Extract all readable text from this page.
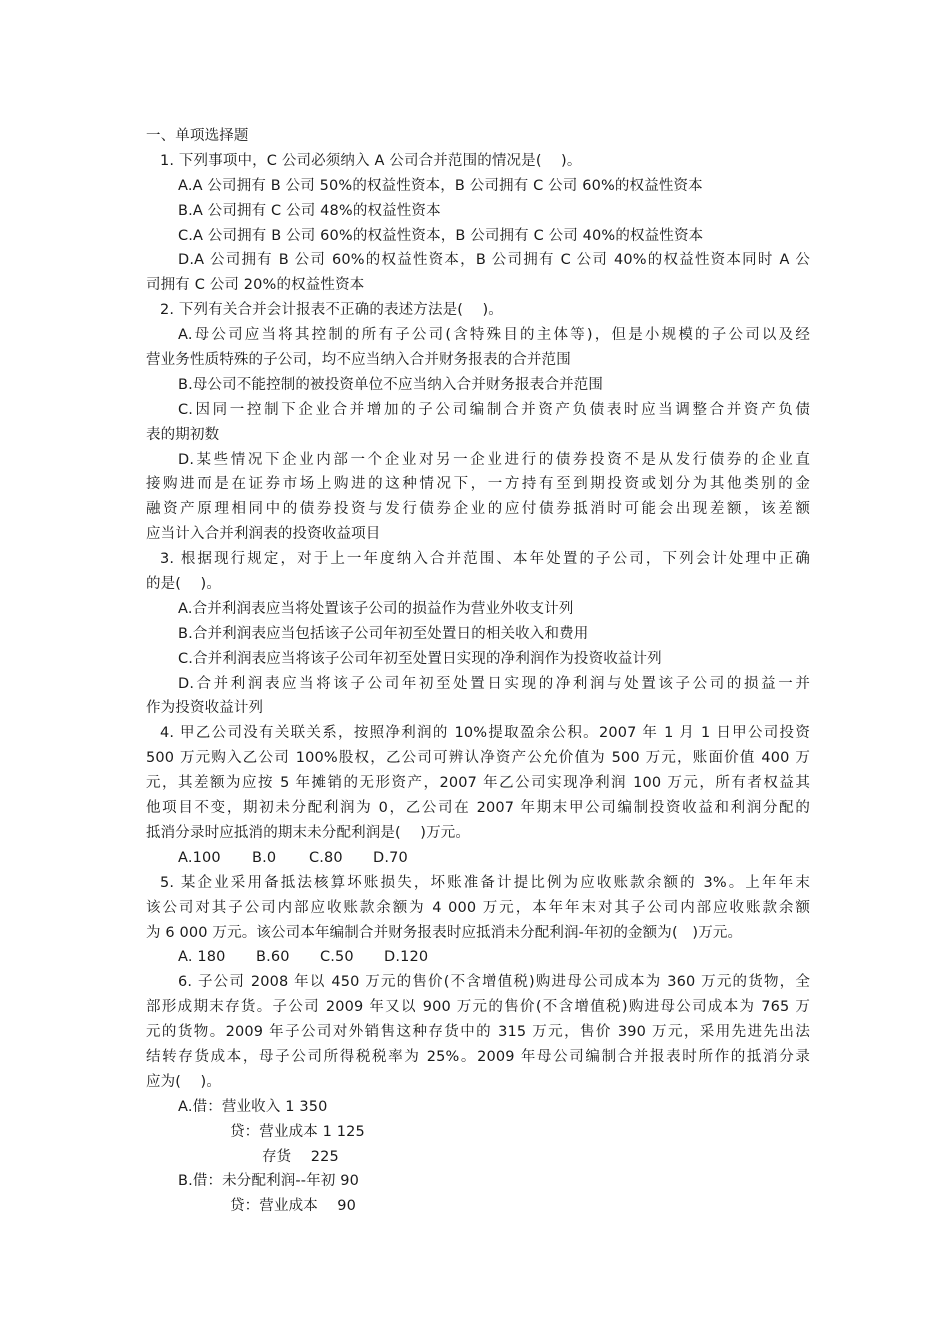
一、单项选择题
1. 下列事项中，C 公司必须纳入 A 公司合并范围的情况是(　 )。
A.A 公司拥有 B 公司 50%的权益性资本，B 公司拥有 C 公司 60%的权益性资本
B.A 公司拥有 C 公司 48%的权益性资本
C.A 公司拥有 B 公司 60%的权益性资本，B 公司拥有 C 公司 40%的权益性资本
D.A 公司拥有 B 公司 60%的权益性资本，B 公司拥有 C 公司 40%的权益性资本同时 A 公
司拥有 C 公司 20%的权益性资本
2. 下列有关合并会计报表不正确的表述方法是(　 )。
A.母公司应当将其控制的所有子公司(含特殊目的主体等)，但是小规模的子公司以及经
营业务性质特殊的子公司，均不应当纳入合并财务报表的合并范围
B.母公司不能控制的被投资单位不应当纳入合并财务报表合并范围
C.因同一控制下企业合并增加的子公司编制合并资产负债表时应当调整合并资产负债
表的期初数
D.某些情况下企业内部一个企业对另一企业进行的债券投资不是从发行债券的企业直
接购进而是在证券市场上购进的这种情况下，一方持有至到期投资或划分为其他类别的金
融资产原理相同中的债券投资与发行债券企业的应付债券抵消时可能会出现差额，该差额
应当计入合并利润表的投资收益项目
3. 根据现行规定，对于上一年度纳入合并范围、本年处置的子公司，下列会计处理中正确
的是(　 )。
A.合并利润表应当将处置该子公司的损益作为营业外收支计列
B.合并利润表应当包括该子公司年初至处置日的相关收入和费用
C.合并利润表应当将该子公司年初至处置日实现的净利润作为投资收益计列
D.合并利润表应当将该子公司年初至处置日实现的净利润与处置该子公司的损益一并
作为投资收益计列
4. 甲乙公司没有关联关系，按照净利润的 10%提取盈余公积。2007 年 1 月 1 日甲公司投资
500 万元购入乙公司 100%股权，乙公司可辨认净资产公允价值为 500 万元，账面价值 400 万
元，其差额为应按 5 年摊销的无形资产，2007 年乙公司实现净利润 100 万元，所有者权益其
他项目不变，期初未分配利润为 0，乙公司在 2007 年期末甲公司编制投资收益和利润分配的
抵消分录时应抵消的期末未分配利润是(　 )万元。
A.100 B.0 C.80 D.70
5. 某企业采用备抵法核算坏账损失，坏账准备计提比例为应收账款余额的 3%。上年年末
该公司对其子公司内部应收账款余额为 4 000 万元，本年年末对其子公司内部应收账款余额
为 6 000 万元。该公司本年编制合并财务报表时应抵消未分配利润-年初的金额为(　)万元。
A. 180 B.60 C.50 D.120
6. 子公司 2008 年以 450 万元的售价(不含增值税)购进母公司成本为 360 万元的货物，全
部形成期末存货。子公司 2009 年又以 900 万元的售价(不含增值税)购进母公司成本为 765 万
元的货物。2009 年子公司对外销售这种存货中的 315 万元，售价 390 万元，采用先进先出法
结转存货成本，母子公司所得税税率为 25%。2009 年母公司编制合并报表时所作的抵消分录
应为(　 )。
A.借：营业收入 1 350
贷：营业成本 1 125
存货　 225
B.借：未分配利润--年初 90
贷：营业成本　 90
